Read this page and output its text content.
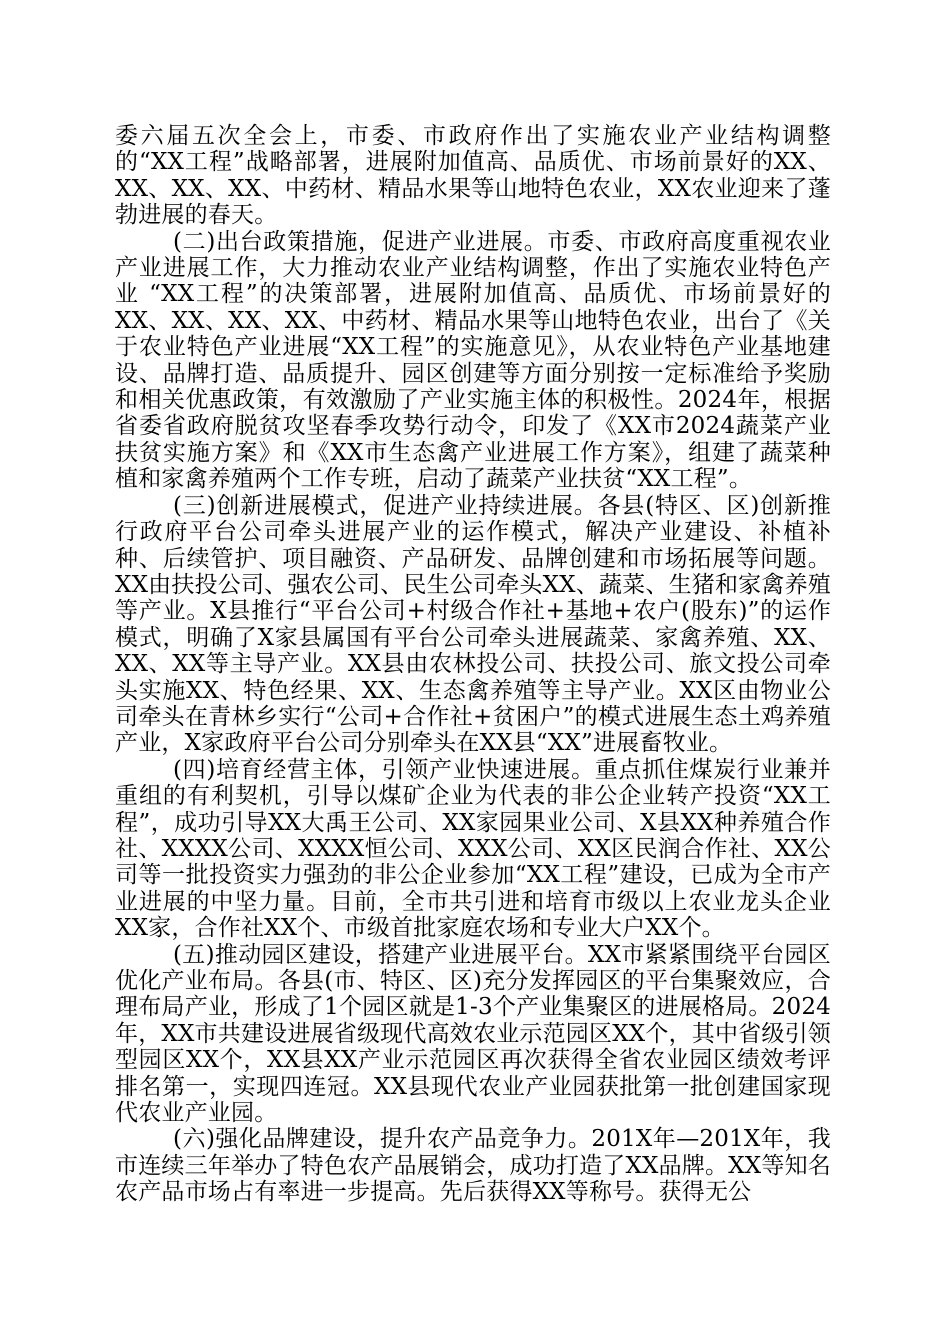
委六届五次全会上，市委、市政府作出了实施农业产业结构调整的“XX工程”战略部署，进展附加值高、品质优、市场前景好的XX、XX、XX、XX、中药材、精品水果等山地特色农业，XX农业迎来了蓬勃进展的春天。

(二)出台政策措施，促进产业进展。市委、市政府高度重视农业产业进展工作，大力推动农业产业结构调整，作出了实施农业特色产业 “XX工程”的决策部署，进展附加值高、品质优、市场前景好的XX、XX、XX、XX、中药材、精品水果等山地特色农业，出台了《关于农业特色产业进展“XX工程”的实施意见》，从农业特色产业基地建设、品牌打造、品质提升、园区创建等方面分别按一定标准给予奖励和相关优惠政策，有效激励了产业实施主体的积极性。2024年，根据省委省政府脱贫攻坚春季攻势行动令，印发了《XX市2024蔬菜产业扶贫实施方案》和《XX市生态禽产业进展工作方案》，组建了蔬菜种植和家禽养殖两个工作专班，启动了蔬菜产业扶贫“XX工程”。

(三)创新进展模式，促进产业持续进展。各县(特区、区)创新推行政府平台公司牵头进展产业的运作模式，解决产业建设、补植补种、后续管护、项目融资、产品研发、品牌创建和市场拓展等问题。XX由扶投公司、强农公司、民生公司牵头XX、蔬菜、生猪和家禽养殖等产业。X县推行“平台公司+村级合作社+基地+农户(股东)”的运作模式，明确了X家县属国有平台公司牵头进展蔬菜、家禽养殖、XX、XX、XX等主导产业。XX县由农林投公司、扶投公司、旅文投公司牵头实施XX、特色经果、XX、生态禽养殖等主导产业。XX区由物业公司牵头在青林乡实行“公司+合作社+贫困户”的模式进展生态土鸡养殖产业，X家政府平台公司分别牵头在XX县“XX”进展畜牧业。

(四)培育经营主体，引领产业快速进展。重点抓住煤炭行业兼并重组的有利契机，引导以煤矿企业为代表的非公企业转产投资“XX工程”，成功引导XX大禹王公司、XX家园果业公司、X县XX种养殖合作社、XXXX公司、XXXX恒公司、XXX公司、XX区民润合作社、XX公司等一批投资实力强劲的非公企业参加“XX工程”建设，已成为全市产业进展的中坚力量。目前，全市共引进和培育市级以上农业龙头企业XX家，合作社XX个、市级首批家庭农场和专业大户XX个。

(五)推动园区建设，搭建产业进展平台。XX市紧紧围绕平台园区优化产业布局。各县(市、特区、区)充分发挥园区的平台集聚效应，合理布局产业，形成了1个园区就是1-3个产业集聚区的进展格局。2024年，XX市共建设进展省级现代高效农业示范园区XX个，其中省级引领型园区XX个，XX县XX产业示范园区再次获得全省农业园区绩效考评排名第一，实现四连冠。XX县现代农业产业园获批第一批创建国家现代农业产业园。

(六)强化品牌建设，提升农产品竞争力。201X年—201X年，我市连续三年举办了特色农产品展销会，成功打造了XX品牌。XX等知名农产品市场占有率进一步提高。先后获得XX等称号。获得无公
